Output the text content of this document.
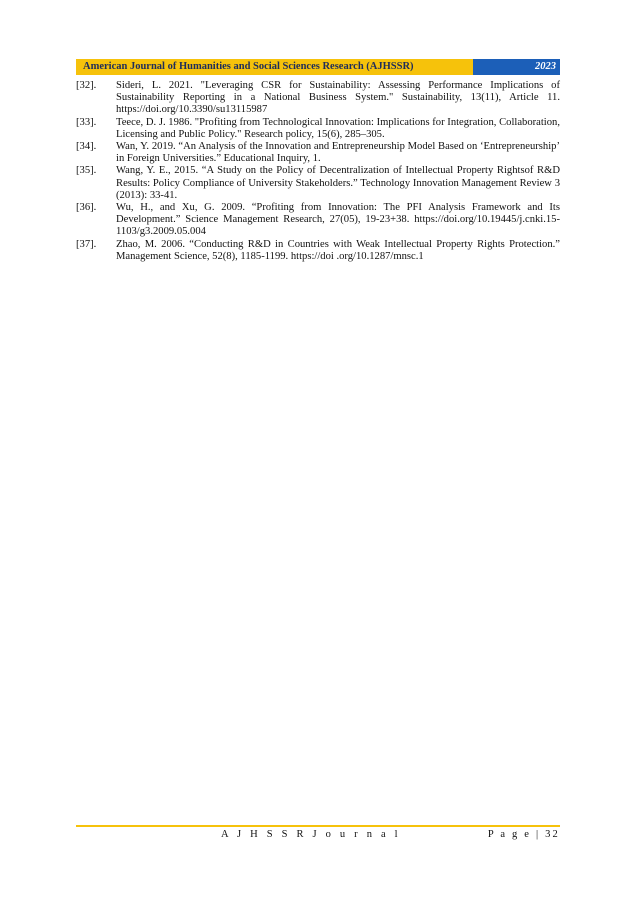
American Journal of Humanities and Social Sciences Research (AJHSSR)	2023
[32].	Sideri, L. 2021. "Leveraging CSR for Sustainability: Assessing Performance Implications of Sustainability Reporting in a National Business System." Sustainability, 13(11), Article 11. https://doi.org/10.3390/su13115987
[33].	Teece, D. J. 1986. "Profiting from Technological Innovation: Implications for Integration, Collaboration, Licensing and Public Policy." Research policy, 15(6), 285–305.
[34].	Wan, Y. 2019. “An Analysis of the Innovation and Entrepreneurship Model Based on ‘Entrepreneurship’ in Foreign Universities.” Educational Inquiry, 1.
[35].	Wang, Y. E., 2015. “A Study on the Policy of Decentralization of Intellectual Property Rightsof R&D Results: Policy Compliance of University Stakeholders.” Technology Innovation Management Review 3 (2013): 33-41.
[36].	Wu, H., and Xu, G. 2009. “Profiting from Innovation: The PFI Analysis Framework and Its Development.” Science Management Research, 27(05), 19-23+38. https://doi.org/10.19445/j.cnki.15-1103/g3.2009.05.004
[37].	Zhao, M. 2006. “Conducting R&D in Countries with Weak Intellectual Property Rights Protection.” Management Science, 52(8), 1185-1199. https://doi .org/10.1287/mnsc.1
A J H S S R J o u r n a l	P a g e | 32
